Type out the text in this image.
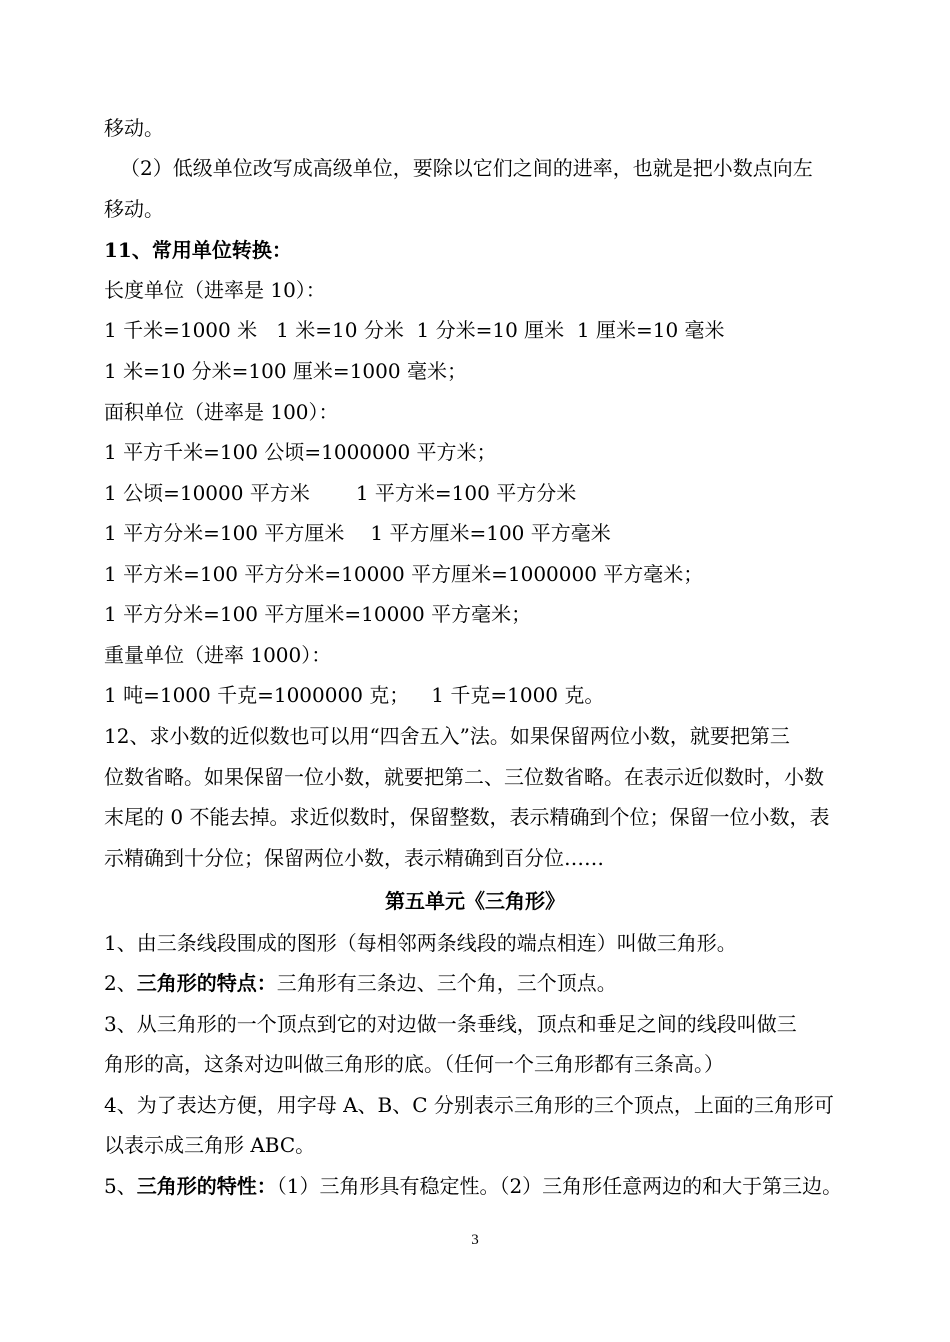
移动。
（2）低级单位改写成高级单位，要除以它们之间的进率，也就是把小数点向左
移动。
11、常用单位转换：
长度单位（进率是 10）：
1 千米=1000 米   1 米=10 分米  1 分米=10 厘米  1 厘米=10 毫米
1 米=10 分米=100 厘米=1000 毫米；
面积单位（进率是 100）：
1 平方千米=100 公顷=1000000 平方米；
1 公顷=10000 平方米 1 平方米=100 平方分米
1 平方分米=100 平方厘米 1 平方厘米=100 平方毫米
1 平方米=100 平方分米=10000 平方厘米=1000000 平方毫米；
1 平方分米=100 平方厘米=10000 平方毫米；
重量单位（进率 1000）：
1 吨=1000 千克=1000000 克； 1 千克=1000 克。
12、求小数的近似数也可以用“四舍五入”法。如果保留两位小数，就要把第三
位数省略。如果保留一位小数，就要把第二、三位数省略。在表示近似数时，小数
末尾的 0 不能去掉。求近似数时，保留整数，表示精确到个位；保留一位小数，表
示精确到十分位；保留两位小数，表示精确到百分位……
第五单元《三角形》
1、由三条线段围成的图形（每相邻两条线段的端点相连）叫做三角形。
2、三角形的特点：三角形有三条边、三个角，三个顶点。
3、从三角形的一个顶点到它的对边做一条垂线，顶点和垂足之间的线段叫做三
角形的高，这条对边叫做三角形的底。（任何一个三角形都有三条高。）
4、为了表达方便，用字母 A、B、C 分别表示三角形的三个顶点，上面的三角形可
以表示成三角形 ABC。
5、三角形的特性：（1）三角形具有稳定性。（2）三角形任意两边的和大于第三边。
3
